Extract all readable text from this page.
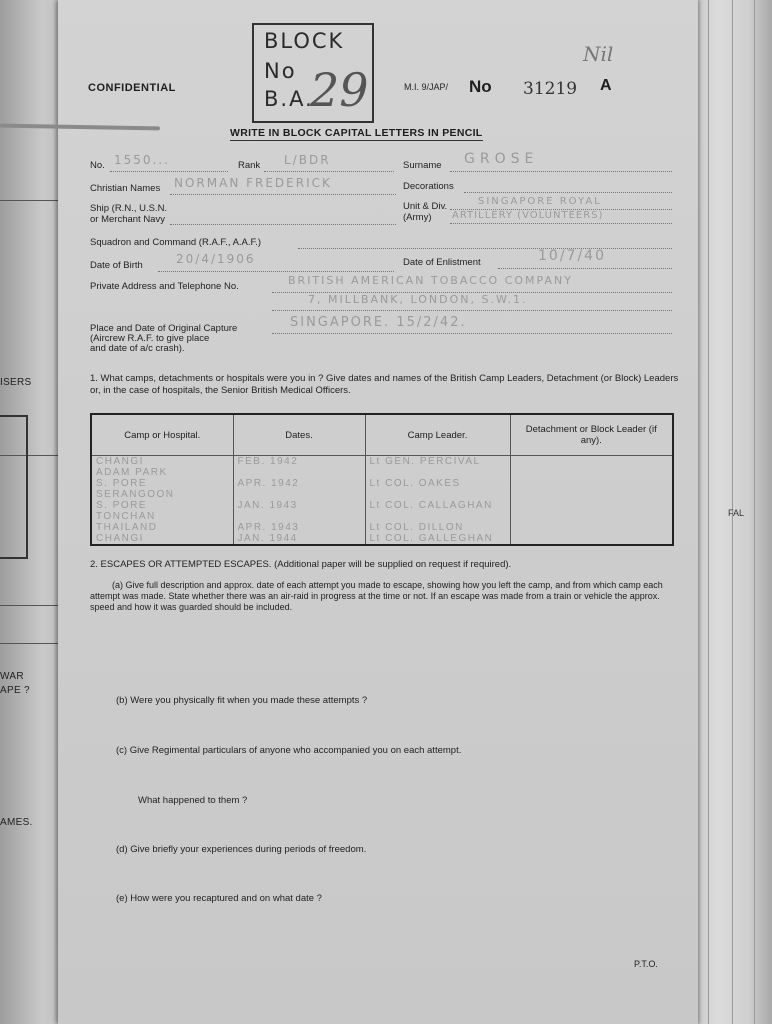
ISERS
WAR
APE ?
AMES.
FAL
BLOCK
No
B.A.
29
Nil
CONFIDENTIAL	M.I. 9/JAP/ No 31219 A
WRITE IN BLOCK CAPITAL LETTERS IN PENCIL
No. 1550...	Rank L/BDR	Surname GROSE
Christian Names NORMAN FREDERICK	Decorations
Ship (R.N., U.S.N.
or Merchant Navy
Unit & Div.
(Army)
SINGAPORE ROYAL
ARTILLERY (VOLUNTEERS)
Squadron and Command (R.A.F., A.A.F.)
Date of Birth	20/4/1906	Date of Enlistment	10/7/40
Private Address and Telephone No.	BRITISH AMERICAN TOBACCO COMPANY
7, MILLBANK, LONDON, S.W.1.
Place and Date of Original Capture
(Aircrew R.A.F. to give place
and date of a/c crash).
SINGAPORE. 15/2/42.
1. What camps, detachments or hospitals were you in ? Give dates and names of the British Camp Leaders, Detachment (or Block) Leaders or, in the case of hospitals, the Senior British Medical Officers.
Camp or Hospital.	Dates.	Camp Leader.	Detachment or Block Leader (if any).
CHANGI	FEB. 1942	Lt GEN. PERCIVAL	
ADAM PARK			
S. PORE	APR. 1942	Lt COL. OAKES	
SERANGOON			
S. PORE	JAN. 1943	Lt COL. CALLAGHAN	
TONCHAN			
THAILAND	APR. 1943	Lt COL. DILLON	
CHANGI	JAN. 1944	Lt COL. GALLEGHAN	
2. ESCAPES OR ATTEMPTED ESCAPES. (Additional paper will be supplied on request if required).
(a) Give full description and approx. date of each attempt you made to escape, showing how you left the camp, and from which camp each attempt was made. State whether there was an air-raid in progress at the time or not. If an escape was made from a train or vehicle the approx. speed and how it was guarded should be included.
(b) Were you physically fit when you made these attempts ?
(c) Give Regimental particulars of anyone who accompanied you on each attempt.
What happened to them ?
(d) Give briefly your experiences during periods of freedom.
(e) How were you recaptured and on what date ?
P.T.O.
